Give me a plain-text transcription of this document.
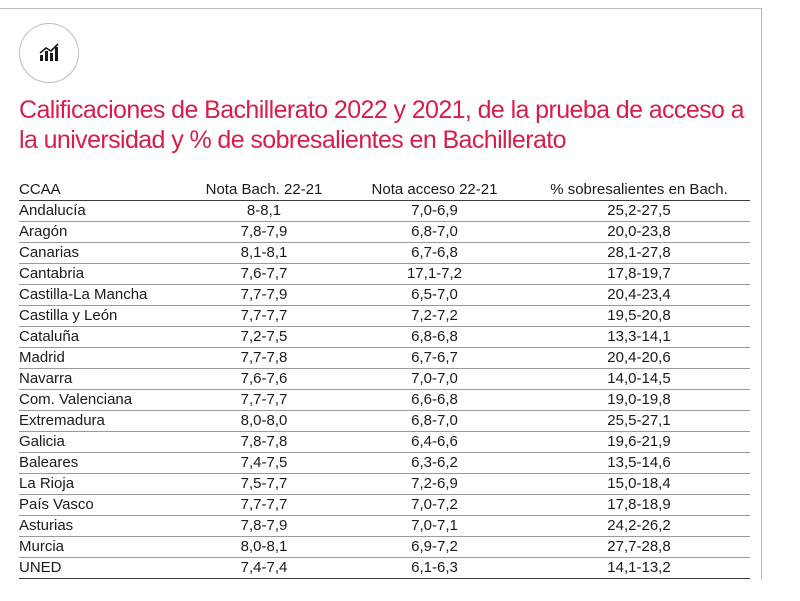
Calificaciones de Bachillerato 2022 y 2021, de la prueba de acceso a la universidad y % de sobresalientes en Bachillerato
CCAA	Nota Bach. 22-21	Nota acceso 22-21	% sobresalientes en Bach.
Andalucía	8-8,1	7,0-6,9	25,2-27,5
Aragón	7,8-7,9	6,8-7,0	20,0-23,8
Canarias	8,1-8,1	6,7-6,8	28,1-27,8
Cantabria	7,6-7,7	17,1-7,2	17,8-19,7
Castilla-La Mancha	7,7-7,9	6,5-7,0	20,4-23,4
Castilla y León	7,7-7,7	7,2-7,2	19,5-20,8
Cataluña	7,2-7,5	6,8-6,8	13,3-14,1
Madrid	7,7-7,8	6,7-6,7	20,4-20,6
Navarra	7,6-7,6	7,0-7,0	14,0-14,5
Com. Valenciana	7,7-7,7	6,6-6,8	19,0-19,8
Extremadura	8,0-8,0	6,8-7,0	25,5-27,1
Galicia	7,8-7,8	6,4-6,6	19,6-21,9
Baleares	7,4-7,5	6,3-6,2	13,5-14,6
La Rioja	7,5-7,7	7,2-6,9	15,0-18,4
País Vasco	7,7-7,7	7,0-7,2	17,8-18,9
Asturias	7,8-7,9	7,0-7,1	24,2-26,2
Murcia	8,0-8,1	6,9-7,2	27,7-28,8
UNED	7,4-7,4	6,1-6,3	14,1-13,2
